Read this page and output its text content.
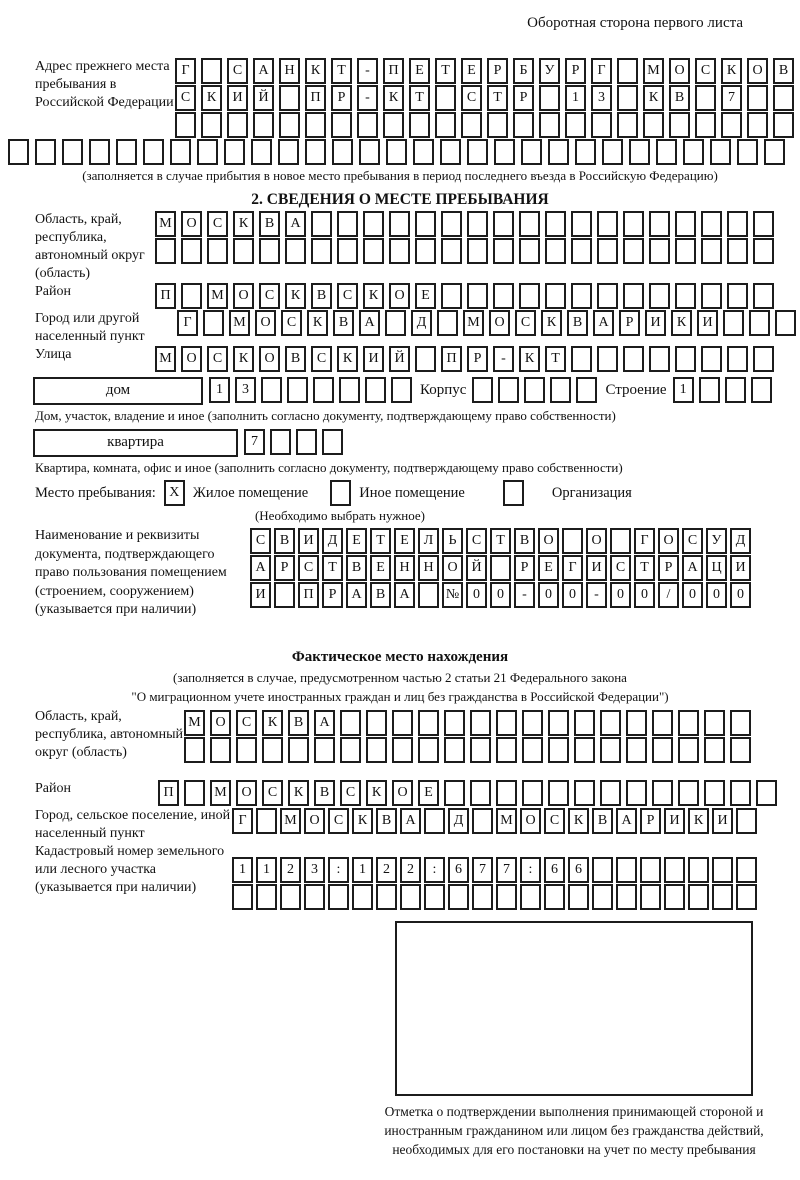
Оборотная сторона первого листа
Адрес прежнего места пребывания в Российской Федерации
Г	С	А	Н	К	Т	-	П	Е	Т	Е	Р	Б	У	Р	Г	М	О	С	К	О	В
С	К	И	Й	П	Р	-	К	Т	С	Т	Р	1	3	К	В	7
(заполняется в случае прибытия в новое место пребывания в период последнего въезда в Российскую Федерацию)
2. СВЕДЕНИЯ О МЕСТЕ ПРЕБЫВАНИЯ
Область, край, республика, автономный округ (область)
М	О	С	К	В	А
Район	П	М	О	С	К	В	С	К	О	Е
Город или другой населенный пункт
Г	М	О	С	К	В	А	Д	М	О	С	К	В	А	Р	И	К	И
Улица	М	О	С	К	О	В	С	К	И	Й	П	Р	-	К	Т
дом	1	3	Корпус	Строение 1
Дом, участок, владение и иное (заполнить согласно документу, подтверждающему право собственности)
квартира	7
Квартира, комната, офис и иное (заполнить согласно документу, подтверждающему право собственности)
Место пребывания: X Жилое помещение	Иное помещение	Организация
(Необходимо выбрать нужное)
Наименование и реквизиты документа, подтверждающего право пользования помещением (строением, сооружением) (указывается при наличии)
С	В	И	Д	Е	Т	Е	Л	Ь	С	Т	В	О	О	Г	О	С	У	Д
А	Р	С	Т	В	Е	Н Н О Й	Р	Е	Г	И	С	Т	Р	А Ц И
И	П	Р	А	В	А	№ 0	0	-	0	0	-	0	0	/	0	0	0
Фактическое место нахождения
(заполняется в случае, предусмотренном частью 2 статьи 21 Федерального закона
"О миграционном учете иностранных граждан и лиц без гражданства в Российской Федерации")
Область, край, республика, автономный округ (область)
М	О	С	К	В	А
Район	П	М	О	С	К	В	С	К	О	Е
Город, сельское поселение, иной населенный пункт
Г	М О	С	К	В	А	Д	М О	С	К	В	А	Р	И	К	И
Кадастровый номер земельного или лесного участка (указывается при наличии)
1	1	2	3	:	1	2	2	:	6	7	7	:	6	6
Отметка о подтверждении выполнения принимающей стороной и иностранным гражданином или лицом без гражданства действий, необходимых для его постановки на учет по месту пребывания
